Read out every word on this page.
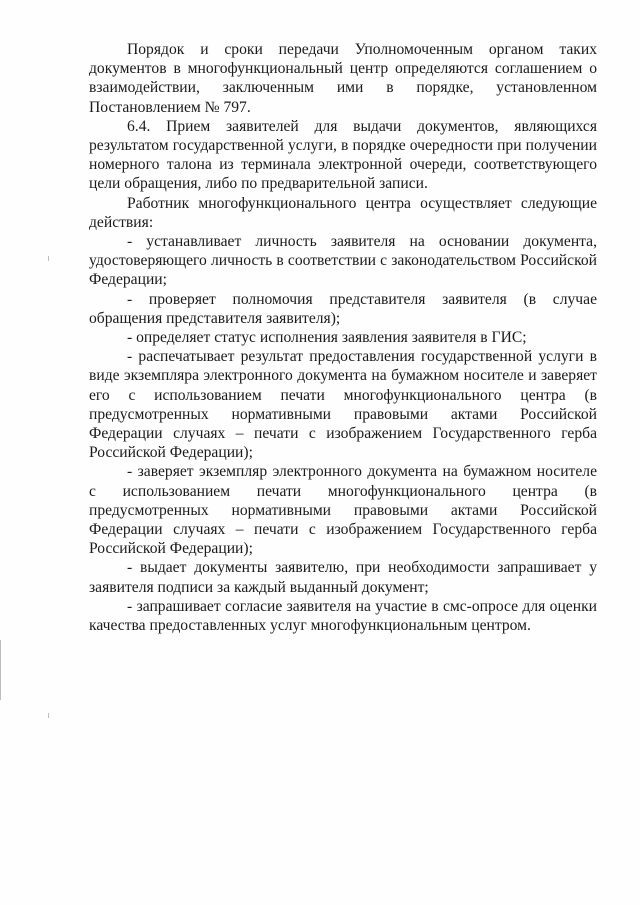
Порядок и сроки передачи Уполномоченным органом таких документов в многофункциональный центр определяются соглашением о взаимодействии, заключенным ими в порядке, установленном Постановлением № 797.

6.4. Прием заявителей для выдачи документов, являющихся результатом государственной услуги, в порядке очередности при получении номерного талона из терминала электронной очереди, соответствующего цели обращения, либо по предварительной записи.

Работник многофункционального центра осуществляет следующие действия:

- устанавливает личность заявителя на основании документа, удостоверяющего личность в соответствии с законодательством Российской Федерации;

- проверяет полномочия представителя заявителя (в случае обращения представителя заявителя);

- определяет статус исполнения заявления заявителя в ГИС;

- распечатывает результат предоставления государственной услуги в виде экземпляра электронного документа на бумажном носителе и заверяет его с использованием печати многофункционального центра (в предусмотренных нормативными правовыми актами Российской Федерации случаях – печати с изображением Государственного герба Российской Федерации);

- заверяет экземпляр электронного документа на бумажном носителе с использованием печати многофункционального центра (в предусмотренных нормативными правовыми актами Российской Федерации случаях – печати с изображением Государственного герба Российской Федерации);

- выдает документы заявителю, при необходимости запрашивает у заявителя подписи за каждый выданный документ;

- запрашивает согласие заявителя на участие в смс-опросе для оценки качества предоставленных услуг многофункциональным центром.
